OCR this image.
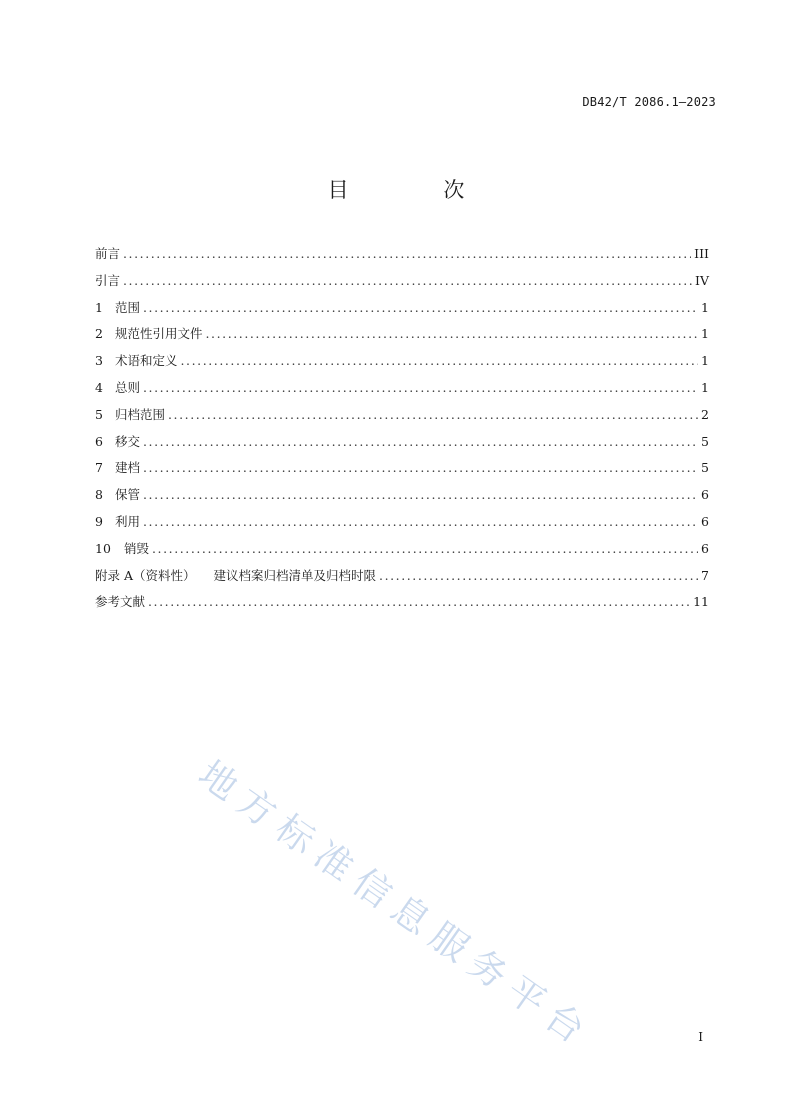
DB42/T 2086.1—2023
目 次
前言 . . .	III
引言 . . .	IV
1 范围 . . .	1
2 规范性引用文件 . . .	1
3 术语和定义 . . .	1
4 总则 . . .	1
5 归档范围 . . .	2
6 移交 . . .	5
7 建档 . . .	5
8 保管 . . .	6
9 利用 . . .	6
10	销毁 . . .	6
附录 A（资料性） 建议档案归档清单及归档时限 . . .	7
参考文献 . . .	11
地方标准信息服务平台	I
